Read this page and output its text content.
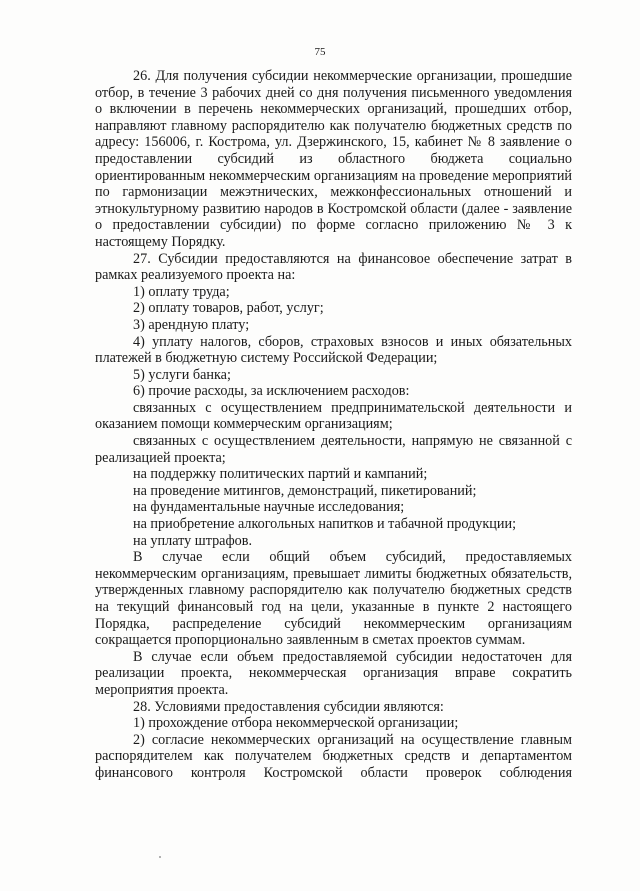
75

26. Для получения субсидии некоммерческие организации, прошедшие отбор, в течение 3 рабочих дней со дня получения письменного уведомления о включении в перечень некоммерческих организаций, прошедших отбор, направляют главному распорядителю как получателю бюджетных средств по адресу: 156006, г. Кострома, ул. Дзержинского, 15, кабинет № 8 заявление о предоставлении субсидий из областного бюджета социально ориентированным некоммерческим организациям на проведение мероприятий по гармонизации межэтнических, межконфессиональных отношений и этнокультурному развитию народов в Костромской области (далее - заявление о предоставлении субсидии) по форме согласно приложению № 3 к настоящему Порядку.

27. Субсидии предоставляются на финансовое обеспечение затрат в рамках реализуемого проекта на:

1) оплату труда;

2) оплату товаров, работ, услуг;

3) арендную плату;

4) уплату налогов, сборов, страховых взносов и иных обязательных платежей в бюджетную систему Российской Федерации;

5) услуги банка;

6) прочие расходы, за исключением расходов:

связанных с осуществлением предпринимательской деятельности и оказанием помощи коммерческим организациям;

связанных с осуществлением деятельности, напрямую не связанной с реализацией проекта;

на поддержку политических партий и кампаний;

на проведение митингов, демонстраций, пикетирований;

на фундаментальные научные исследования;

на приобретение алкогольных напитков и табачной продукции;

на уплату штрафов.

В случае если общий объем субсидий, предоставляемых некоммерческим организациям, превышает лимиты бюджетных обязательств, утвержденных главному распорядителю как получателю бюджетных средств на текущий финансовый год на цели, указанные в пункте 2 настоящего Порядка, распределение субсидий некоммерческим организациям сокращается пропорционально заявленным в сметах проектов суммам.

В случае если объем предоставляемой субсидии недостаточен для реализации проекта, некоммерческая организация вправе сократить мероприятия проекта.

28. Условиями предоставления субсидии являются:

1) прохождение отбора некоммерческой организации;

2) согласие некоммерческих организаций на осуществление главным распорядителем как получателем бюджетных средств и департаментом финансового контроля Костромской области проверок соблюдения
